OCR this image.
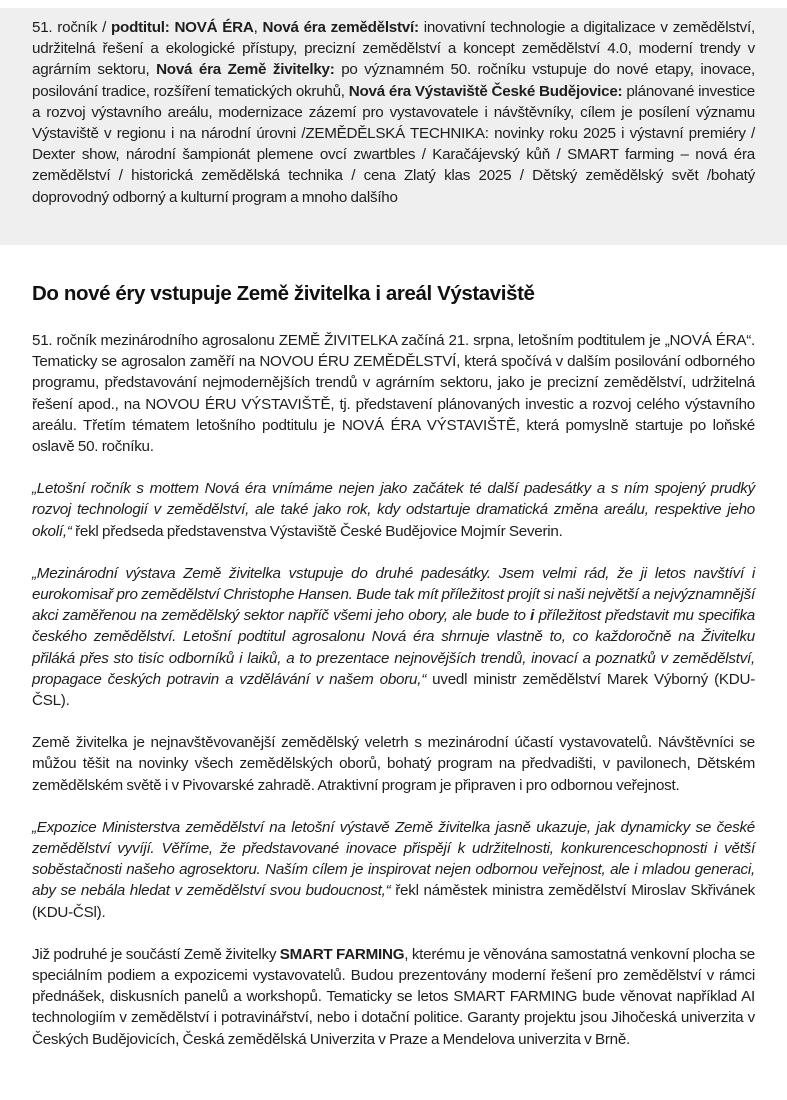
51. ročník / podtitul: NOVÁ ÉRA, Nová éra zemědělství: inovativní technologie a digitalizace v zemědělství, udržitelná řešení a ekologické přístupy, precizní zemědělství a koncept zemědělství 4.0, moderní trendy v agrárním sektoru, Nová éra Země živitelky: po významném 50. ročníku vstupuje do nové etapy, inovace, posilování tradice, rozšíření tematických okruhů, Nová éra Výstaviště České Budějovice: plánované investice a rozvoj výstavního areálu, modernizace zázemí pro vystavovatele i návštěvníky, cílem je posílení významu Výstaviště v regionu i na národní úrovni /ZEMĚDĚLSKÁ TECHNIKA: novinky roku 2025 i výstavní premiéry / Dexter show, národní šampionát plemene ovcí zwartbles / Karačájevský kůň / SMART farming – nová éra zemědělství / historická zemědělská technika / cena Zlatý klas 2025 / Dětský zemědělský svět /bohatý doprovodný odborný a kulturní program a mnoho dalšího

Do nové éry vstupuje Země živitelka i areál Výstaviště

51. ročník mezinárodního agrosalonu ZEMĚ ŽIVITELKA začíná 21. srpna, letošním podtitulem je „NOVÁ ÉRA“. Tematicky se agrosalon zaměří na NOVOU ÉRU ZEMĚDĚLSTVÍ, která spočívá v dalším posilování odborného programu, představování nejmodernějších trendů v agrárním sektoru, jako je precizní zemědělství, udržitelná řešení apod., na NOVOU ÉRU VÝSTAVIŠTĚ, tj. představení plánovaných investic a rozvoj celého výstavního areálu. Třetím tématem letošního podtitulu je NOVÁ ÉRA VÝSTAVIŠTĚ, která pomyslně startuje po loňské oslavě 50. ročníku.

„Letošní ročník s mottem Nová éra vnímáme nejen jako začátek té další padesátky a s ním spojený prudký rozvoj technologií v zemědělství, ale také jako rok, kdy odstartuje dramatická změna areálu, respektive jeho okolí,“ řekl předseda představenstva Výstaviště České Budějovice Mojmír Severin.

„Mezinárodní výstava Země živitelka vstupuje do druhé padesátky. Jsem velmi rád, že ji letos navštíví i eurokomisař pro zemědělství Christophe Hansen. Bude tak mít příležitost projít si naši největší a nejvýznamnější akci zaměřenou na zemědělský sektor napříč všemi jeho obory, ale bude to i příležitost představit mu specifika českého zemědělství. Letošní podtitul agrosalonu Nová éra shrnuje vlastně to, co každoročně na Živitelku přiláká přes sto tisíc odborníků i laiků, a to prezentace nejnovějších trendů, inovací a poznatků v zemědělství, propagace českých potravin a vzdělávání v našem oboru,“ uvedl ministr zemědělství Marek Výborný (KDU-ČSL).

Země živitelka je nejnavštěvovanější zemědělský veletrh s mezinárodní účastí vystavovatelů. Návštěvníci se můžou těšit na novinky všech zemědělských oborů, bohatý program na předvadišti, v pavilonech, Dětském zemědělském světě i v Pivovarské zahradě. Atraktivní program je připraven i pro odbornou veřejnost.

„Expozice Ministerstva zemědělství na letošní výstavě Země živitelka jasně ukazuje, jak dynamicky se české zemědělství vyvíjí. Věříme, že představované inovace přispějí k udržitelnosti, konkurenceschopnosti i větší soběstačnosti našeho agrosektoru. Naším cílem je inspirovat nejen odbornou veřejnost, ale i mladou generaci, aby se nebála hledat v zemědělství svou budoucnost,“ řekl náměstek ministra zemědělství Miroslav Skřivánek (KDU-ČSl).

Již podruhé je součástí Země živitelky SMART FARMING, kterému je věnována samostatná venkovní plocha se speciálním podiem a expozicemi vystavovatelů. Budou prezentovány moderní řešení pro zemědělství v rámci přednášek, diskusních panelů a workshopů. Tematicky se letos SMART FARMING bude věnovat například AI technologiím v zemědělství i potravinářství, nebo i dotační politice. Garanty projektu jsou Jihočeská univerzita v Českých Budějovicích, Česká zemědělská Univerzita v Praze a Mendelova univerzita v Brně.
